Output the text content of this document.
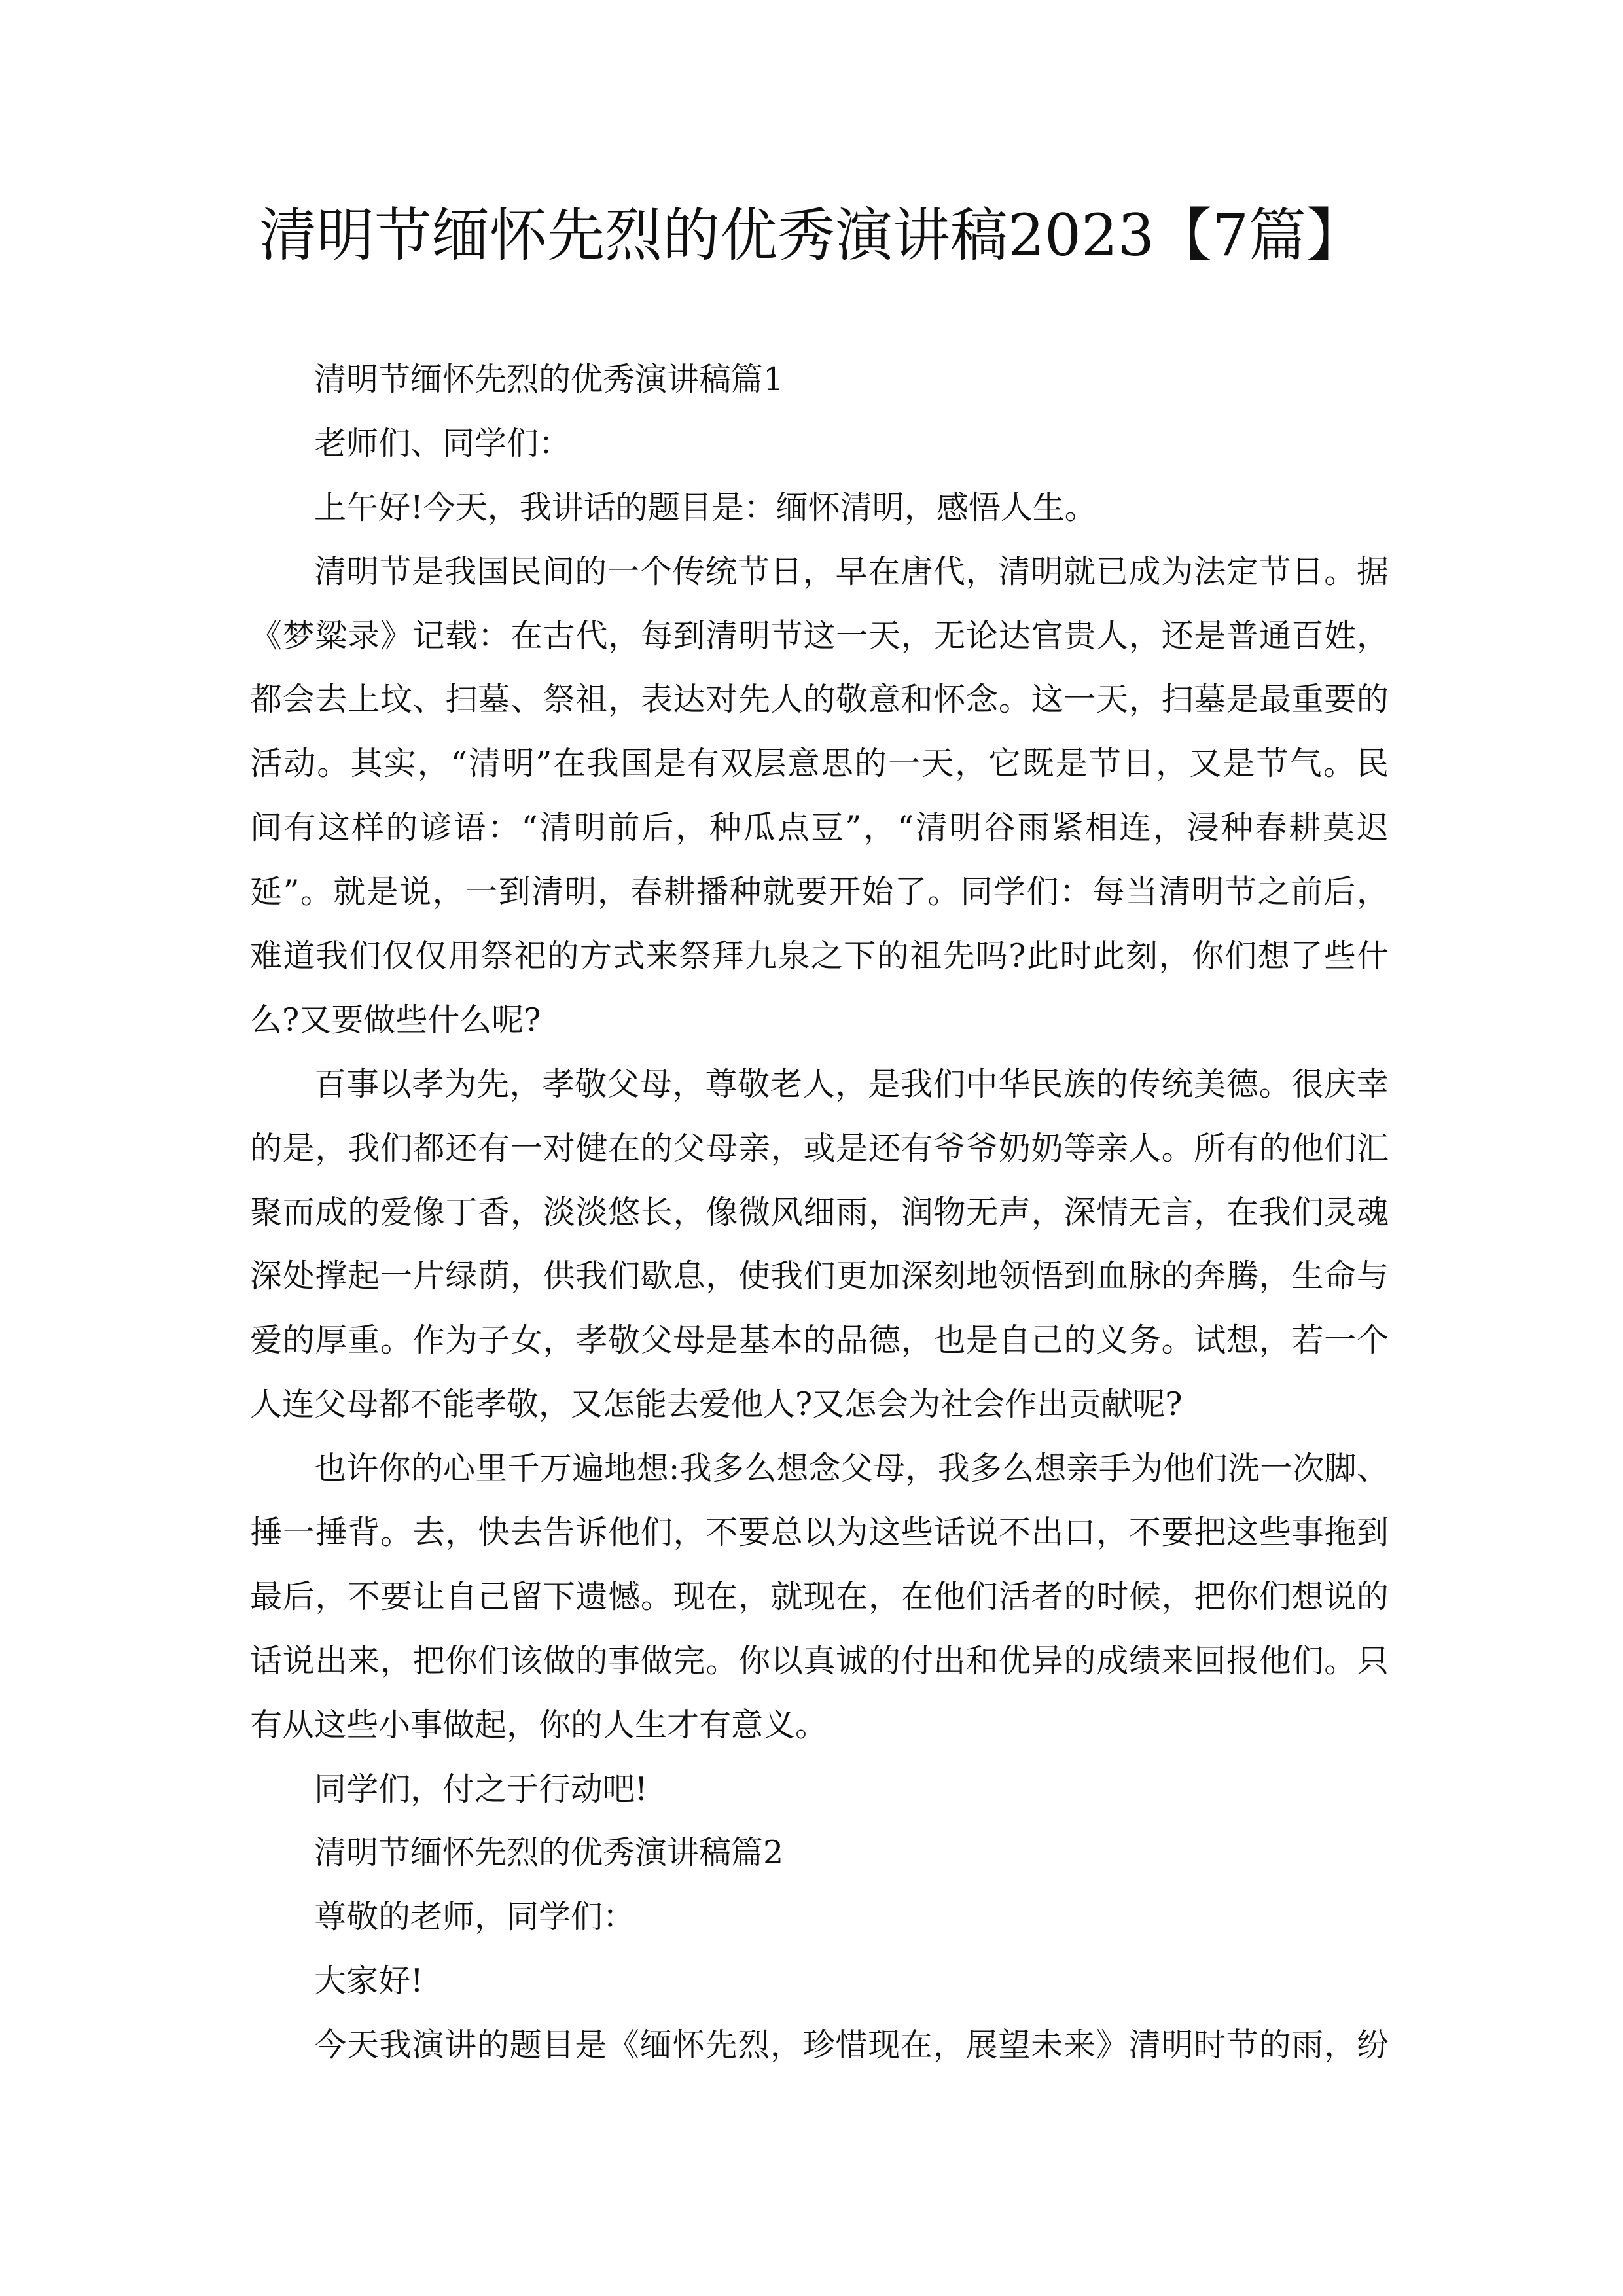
清明节缅怀先烈的优秀演讲稿2023【7篇】
清明节缅怀先烈的优秀演讲稿篇1
老师们、同学们：
上午好!今天，我讲话的题目是：缅怀清明，感悟人生。
清明节是我国民间的一个传统节日，早在唐代，清明就已成为法定节日。据
《梦粱录》记载：在古代，每到清明节这一天，无论达官贵人，还是普通百姓，
都会去上坟、扫墓、祭祖，表达对先人的敬意和怀念。这一天，扫墓是最重要的
活动。其实，“清明”在我国是有双层意思的一天，它既是节日，又是节气。民
间有这样的谚语：“清明前后，种瓜点豆”，“清明谷雨紧相连，浸种春耕莫迟
延”。就是说，一到清明，春耕播种就要开始了。同学们：每当清明节之前后，
难道我们仅仅用祭祀的方式来祭拜九泉之下的祖先吗?此时此刻，你们想了些什
么?又要做些什么呢?
百事以孝为先，孝敬父母，尊敬老人，是我们中华民族的传统美德。很庆幸
的是，我们都还有一对健在的父母亲，或是还有爷爷奶奶等亲人。所有的他们汇
聚而成的爱像丁香，淡淡悠长，像微风细雨，润物无声，深情无言，在我们灵魂
深处撑起一片绿荫，供我们歇息，使我们更加深刻地领悟到血脉的奔腾，生命与
爱的厚重。作为子女，孝敬父母是基本的品德，也是自己的义务。试想，若一个
人连父母都不能孝敬，又怎能去爱他人?又怎会为社会作出贡献呢?
也许你的心里千万遍地想:我多么想念父母，我多么想亲手为他们洗一次脚、
捶一捶背。去，快去告诉他们，不要总以为这些话说不出口，不要把这些事拖到
最后，不要让自己留下遗憾。现在，就现在，在他们活者的时候，把你们想说的
话说出来，把你们该做的事做完。你以真诚的付出和优异的成绩来回报他们。只
有从这些小事做起，你的人生才有意义。
同学们，付之于行动吧!
清明节缅怀先烈的优秀演讲稿篇2
尊敬的老师，同学们：
大家好!
今天我演讲的题目是《缅怀先烈，珍惜现在，展望未来》清明时节的雨，纷
